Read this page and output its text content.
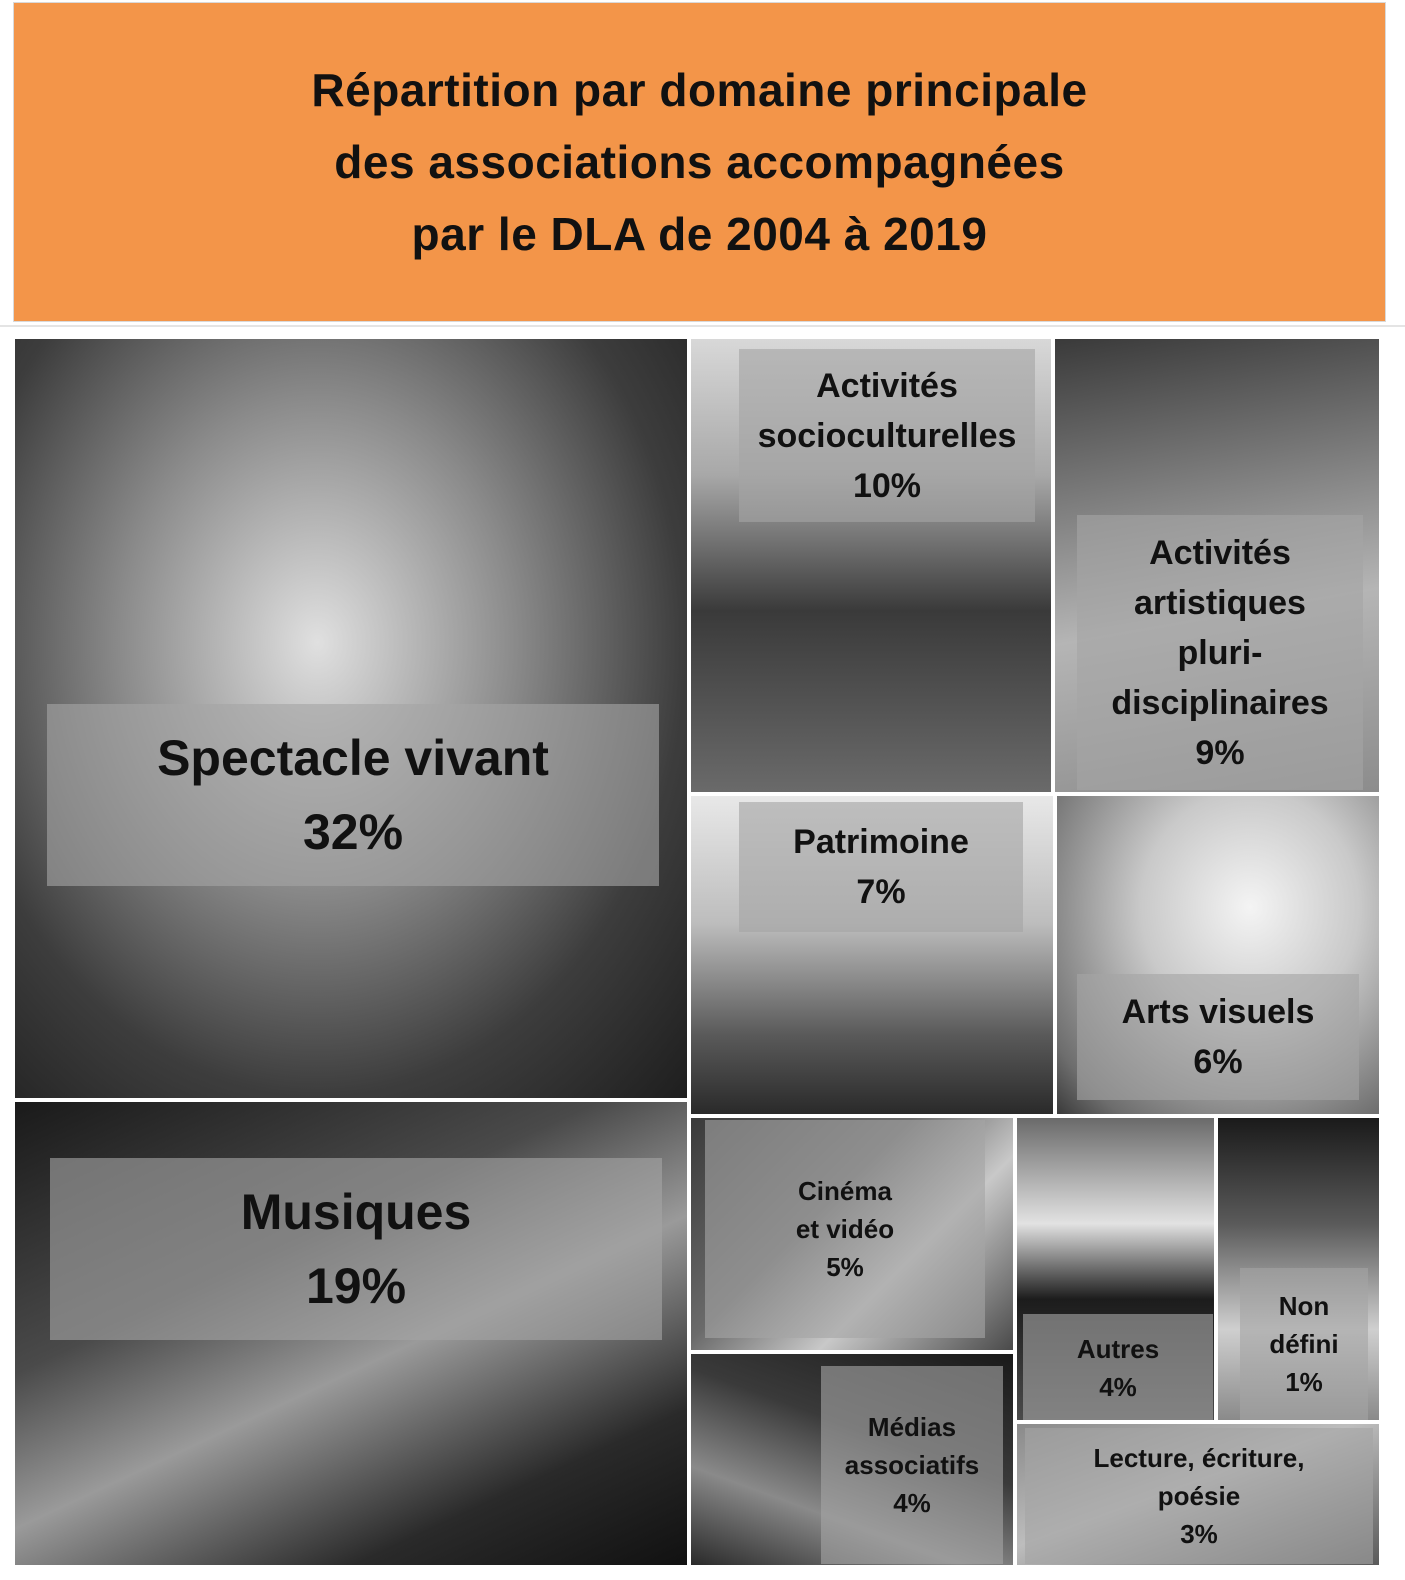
Répartition par domaine principale
des associations accompagnées
par le DLA de 2004 à 2019
Spectacle vivant
32%
Musiques
19%
Activités
socioculturelles
10%
Activités
artistiques
pluri-
disciplinaires
9%
Patrimoine
7%
Arts visuels
6%
Cinéma
et vidéo
5%
Médias
associatifs
4%
Autres
4%
Non
défini
1%
Lecture, écriture,
poésie
3%
